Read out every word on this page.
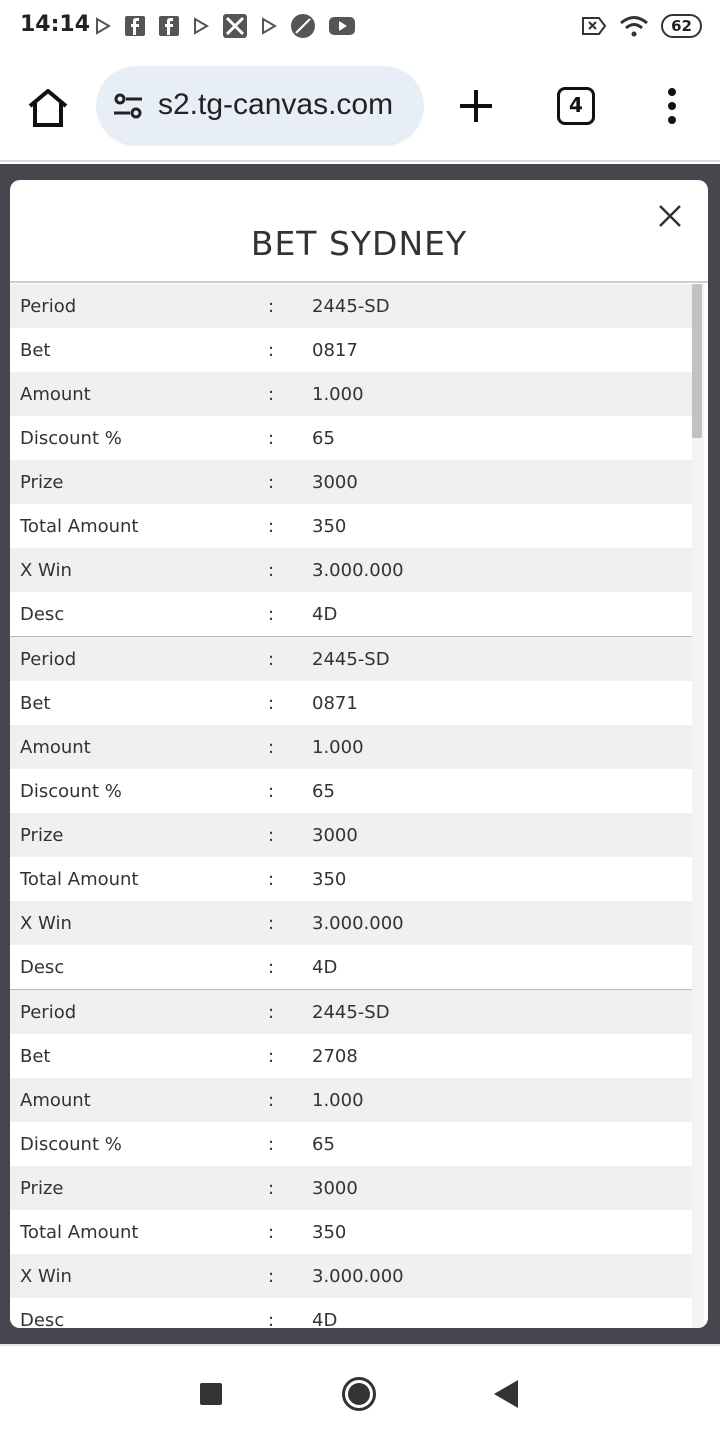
14:14	62
s2.tg-canvas.com	4
BET SYDNEY
Period	:	2445-SD
Bet	:	0817
Amount	:	1.000
Discount %	:	65
Prize	:	3000
Total Amount	:	350
X Win	:	3.000.000
Desc	:	4D
Period	:	2445-SD
Bet	:	0871
Amount	:	1.000
Discount %	:	65
Prize	:	3000
Total Amount	:	350
X Win	:	3.000.000
Desc	:	4D
Period	:	2445-SD
Bet	:	2708
Amount	:	1.000
Discount %	:	65
Prize	:	3000
Total Amount	:	350
X Win	:	3.000.000
Desc	:	4D
